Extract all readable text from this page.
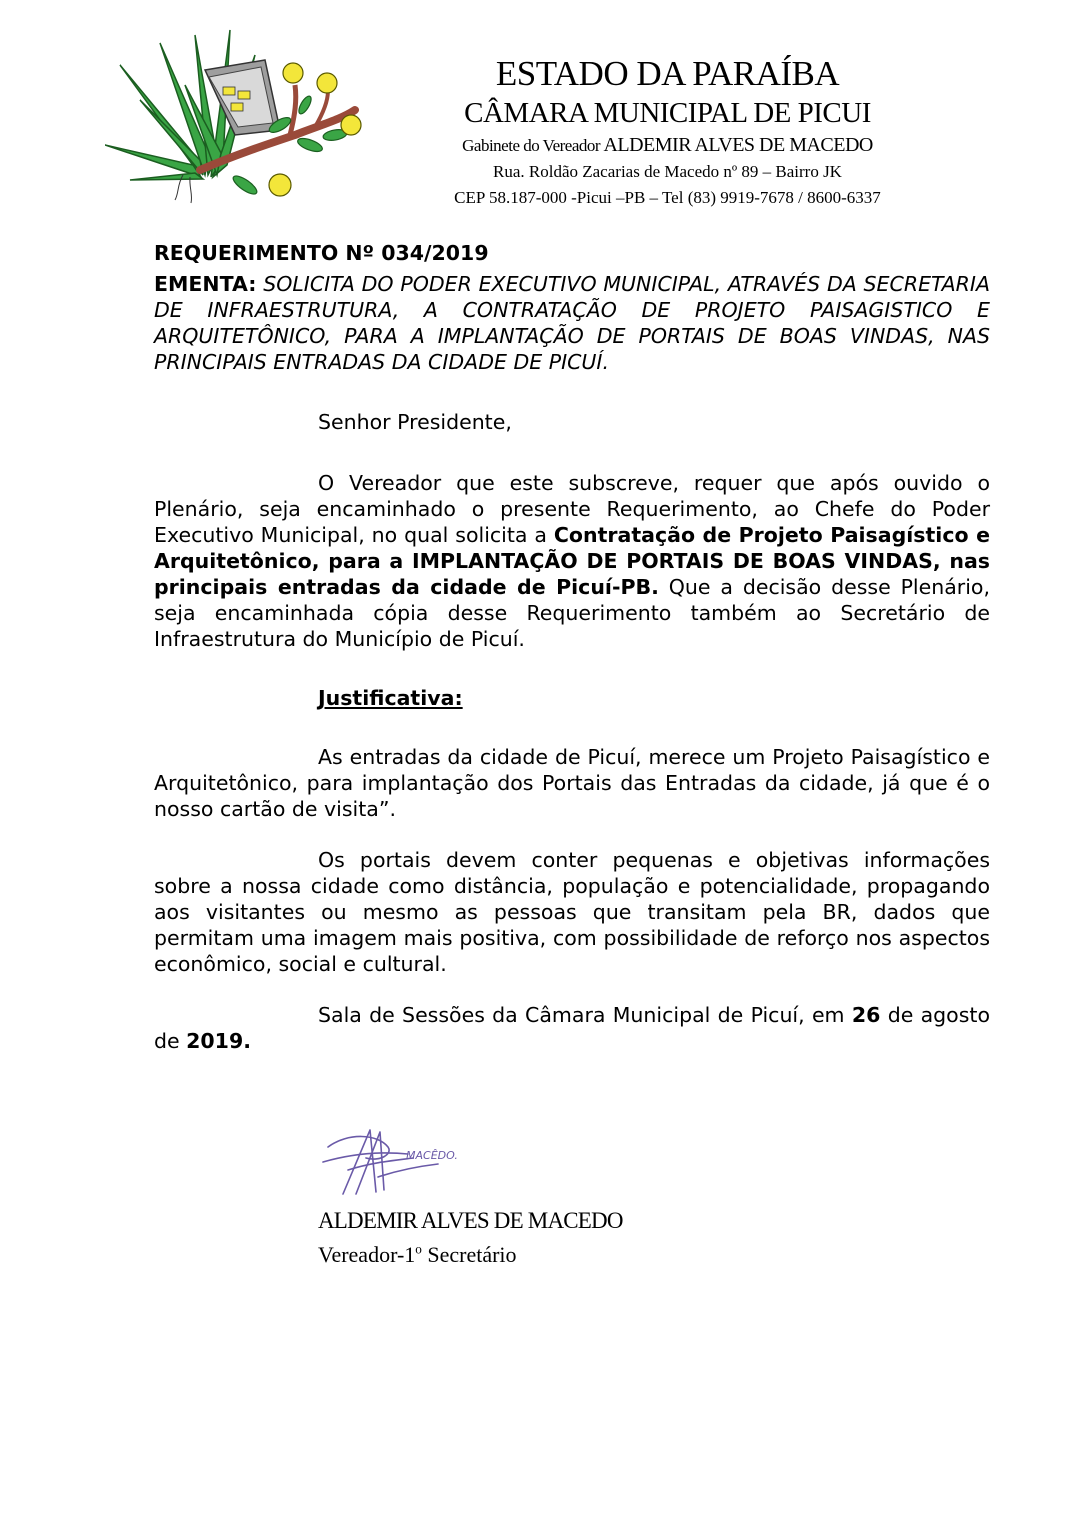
ESTADO DA PARAÍBA
CÂMARA MUNICIPAL DE PICUI
Gabinete do Vereador ALDEMIR ALVES DE MACEDO
Rua. Roldão Zacarias de Macedo nº 89 – Bairro JK
CEP 58.187-000 -Picui –PB – Tel (83) 9919-7678 / 8600-6337
REQUERIMENTO Nº 034/2019
EMENTA: SOLICITA DO PODER EXECUTIVO MUNICIPAL, ATRAVÉS DA SECRETARIA DE INFRAESTRUTURA, A CONTRATAÇÃO DE PROJETO PAISAGISTICO E ARQUITETÔNICO, PARA A IMPLANTAÇÃO DE PORTAIS DE BOAS VINDAS, NAS PRINCIPAIS ENTRADAS DA CIDADE DE PICUÍ.
Senhor Presidente,
O Vereador que este subscreve, requer que após ouvido o Plenário, seja encaminhado o presente Requerimento, ao Chefe do Poder Executivo Municipal, no qual solicita a Contratação de Projeto Paisagístico e Arquitetônico, para a IMPLANTAÇÃO DE PORTAIS DE BOAS VINDAS, nas principais entradas da cidade de Picuí-PB. Que a decisão desse Plenário, seja encaminhada cópia desse Requerimento também ao Secretário de Infraestrutura do Município de Picuí.
Justificativa:
As entradas da cidade de Picuí, merece um Projeto Paisagístico e Arquitetônico, para implantação dos Portais das Entradas da cidade, já que é o nosso cartão de visita”.
Os portais devem conter pequenas e objetivas informações sobre a nossa cidade como distância, população e potencialidade, propagando aos visitantes ou mesmo as pessoas que transitam pela BR, dados que permitam uma imagem mais positiva, com possibilidade de reforço nos aspectos econômico, social e cultural.
Sala de Sessões da Câmara Municipal de Picuí, em 26 de agosto de 2019.
MACÊDO.
ALDEMIR ALVES DE MACEDO
Vereador-1$^o$ Secretário
